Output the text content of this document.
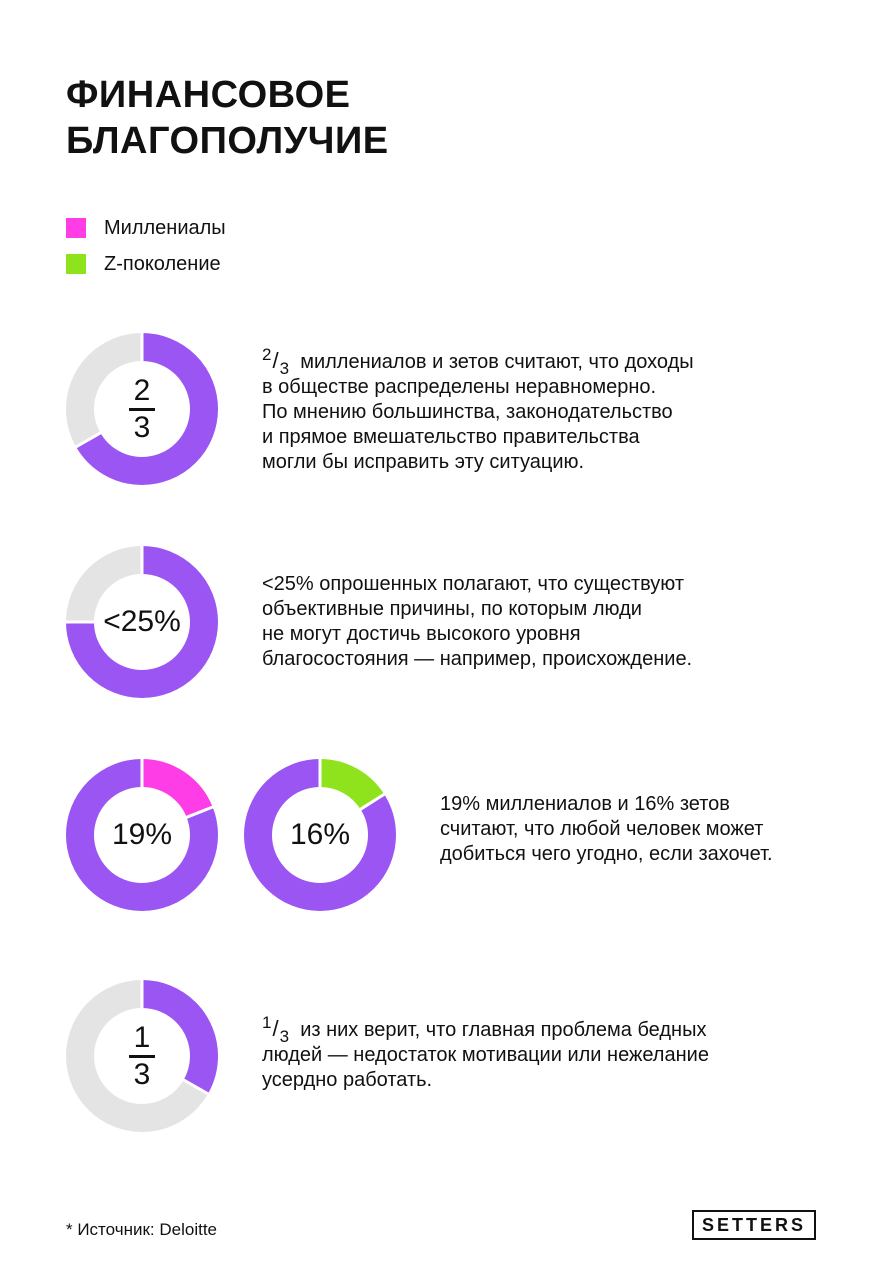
ФИНАНСОВОЕ
БЛАГОПОЛУЧИЕ
Миллениалы
Z-поколение
$\frac{2}{3}$
$^2/_3$ миллениалов и зетов считают, что доходы
в обществе распределены неравномерно.
По мнению большинства, законодательство
и прямое вмешательство правительства
могли бы исправить эту ситуацию.
<25%
<25% опрошенных полагают, что существуют
объективные причины, по которым люди
не могут достичь высокого уровня
благосостояния — например, происхождение.
19%	16%
19% миллениалов и 16% зетов
считают, что любой человек может
добиться чего угодно, если захочет.
$\frac{1}{3}$	$^1/_3$ из них верит, что главная проблема бедных
людей — недостаток мотивации или нежелание
усердно работать.
* Источник: Deloitte	SETTERS
